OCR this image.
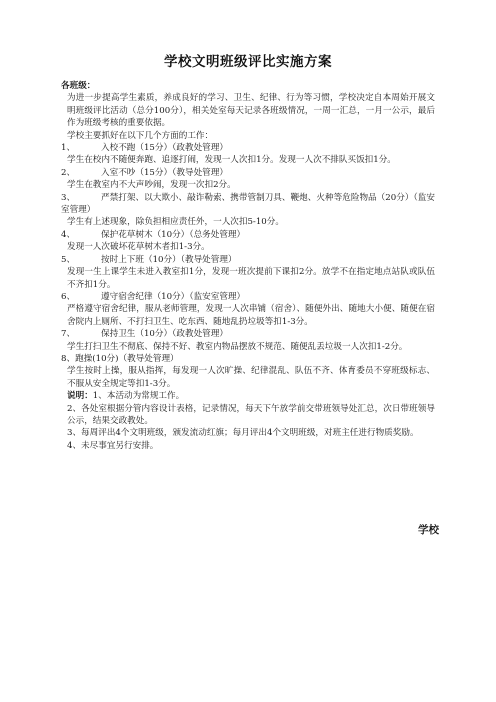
学校文明班级评比实施方案

各班级：

为进一步提高学生素质，养成良好的学习、卫生、纪律、行为等习惯，学校决定自本周始开展文明班级评比活动（总分100分），相关处室每天记录各班级情况，一周一汇总，一月一公示，最后作为班级考核的重要依据。

学校主要抓好在以下几个方面的工作：

1、	入校不跑（15分）（政教处管理）

学生在校内不随便奔跑、追逐打闹，发现一人次扣1分。发现一人次不排队买饭扣1分。

2、	入室不吵（15分）（教导处管理）

学生在教室内不大声吵闹，发现一次扣2分。

3、	严禁打架、以大欺小、敲诈勒索、携带管制刀具、鞭炮、火种等危险物品（20分）（监安室管理）

学生有上述现象，除负担相应责任外，一人次扣5-10分。

4、	保护花草树木（10分）（总务处管理）

发现一人次破坏花草树木者扣1-3分。

5、	按时上下班（10分）（教导处管理）

发现一生上课学生未进入教室扣1分，发现一班次提前下课扣2分。放学不在指定地点站队或队伍不齐扣1分。

6、	遵守宿舍纪律（10分）（监安室管理）

严格遵守宿舍纪律，服从老师管理，发现一人次串铺（宿舍）、随便外出、随地大小便、随便在宿舍院内上厕所、不打扫卫生、吃东西、随地乱扔垃圾等扣1-3分。

7、	保持卫生（10分）（政教处管理）

学生打扫卫生不彻底、保持不好、教室内物品摆放不规范、随便乱丢垃圾一人次扣1-2分。

8、跑操(10分)（教导处管理）

学生按时上操，服从指挥，每发现一人次旷操、纪律混乱、队伍不齐、体育委员不穿班级标志、不服从安全规定等扣1-3分。

说明：1、本活动为常规工作。

2、各处室根据分管内容设计表格，记录情况，每天下午放学前交带班领导处汇总，次日带班领导公示，结果交政教处。

3、每周评出4个文明班级，颁发流动红旗；每月评出4个文明班级，对班主任进行物质奖励。

4、未尽事宜另行安排。

学校
